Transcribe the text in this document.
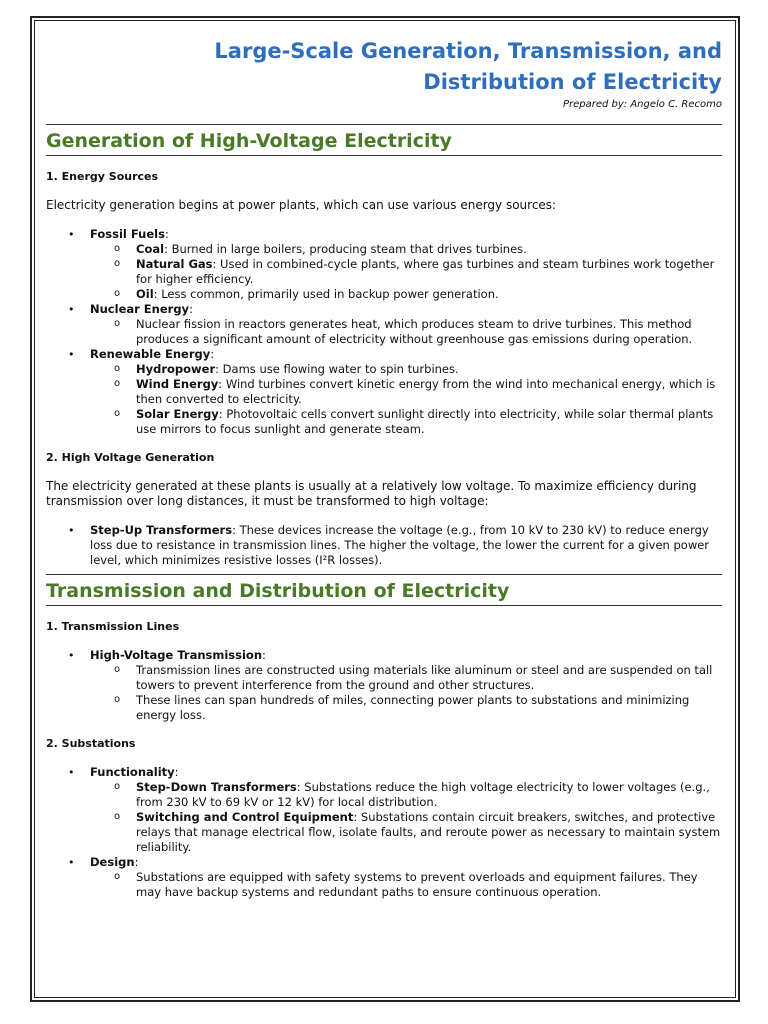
Large-Scale Generation, Transmission, and

Distribution of Electricity

Prepared by: Angelo C. Recomo
Generation of High-Voltage Electricity
1. Energy Sources

Electricity generation begins at power plants, which can use various energy sources:

• Fossil Fuels:
o Coal: Burned in large boilers, producing steam that drives turbines.
o Natural Gas: Used in combined-cycle plants, where gas turbines and steam turbines work together for higher efficiency.
o Oil: Less common, primarily used in backup power generation.
• Nuclear Energy:
o Nuclear fission in reactors generates heat, which produces steam to drive turbines. This method produces a significant amount of electricity without greenhouse gas emissions during operation.
• Renewable Energy:
o Hydropower: Dams use flowing water to spin turbines.
o Wind Energy: Wind turbines convert kinetic energy from the wind into mechanical energy, which is then converted to electricity.
o Solar Energy: Photovoltaic cells convert sunlight directly into electricity, while solar thermal plants use mirrors to focus sunlight and generate steam.
2. High Voltage Generation

The electricity generated at these plants is usually at a relatively low voltage. To maximize efficiency during transmission over long distances, it must be transformed to high voltage:

• Step-Up Transformers: These devices increase the voltage (e.g., from 10 kV to 230 kV) to reduce energy loss due to resistance in transmission lines. The higher the voltage, the lower the current for a given power level, which minimizes resistive losses (I²R losses).
Transmission and Distribution of Electricity
1. Transmission Lines
• High-Voltage Transmission:
o Transmission lines are constructed using materials like aluminum or steel and are suspended on tall towers to prevent interference from the ground and other structures.
o These lines can span hundreds of miles, connecting power plants to substations and minimizing energy loss.
2. Substations
• Functionality:
o Step-Down Transformers: Substations reduce the high voltage electricity to lower voltages (e.g., from 230 kV to 69 kV or 12 kV) for local distribution.
o Switching and Control Equipment: Substations contain circuit breakers, switches, and protective relays that manage electrical flow, isolate faults, and reroute power as necessary to maintain system reliability.
• Design:
o Substations are equipped with safety systems to prevent overloads and equipment failures. They may have backup systems and redundant paths to ensure continuous operation.
